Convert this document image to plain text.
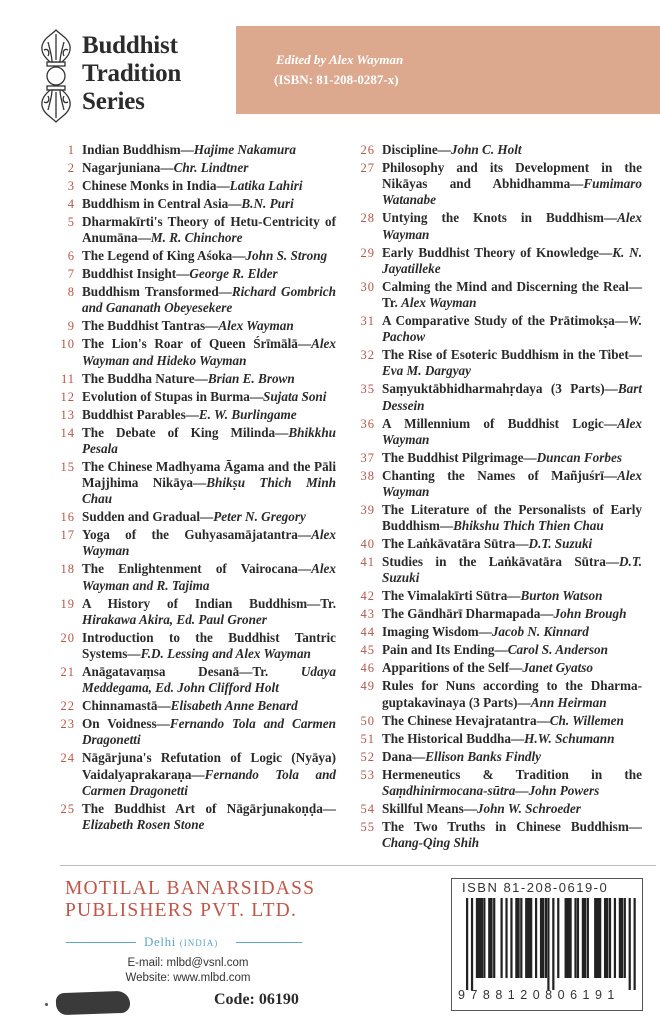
Buddhist
Tradition
Series
Edited by Alex Wayman
(ISBN: 81-208-0287-x)
1 Indian Buddhism—Hajime Nakamura
2 Nagarjuniana—Chr. Lindtner
3 Chinese Monks in India—Latika Lahiri
4 Buddhism in Central Asia—B.N. Puri
5 Dharmakīrti's Theory of Hetu-Centricity of Anumāna—M. R. Chinchore
6 The Legend of King Aśoka—John S. Strong
7 Buddhist Insight—George R. Elder
8 Buddhism Transformed—Richard Gombrich and Gananath Obeyesekere
9 The Buddhist Tantras—Alex Wayman
10 The Lion's Roar of Queen Śrīmālā—Alex Wayman and Hideko Wayman
11 The Buddha Nature—Brian E. Brown
12 Evolution of Stupas in Burma—Sujata Soni
13 Buddhist Parables—E. W. Burlingame
14 The Debate of King Milinda—Bhikkhu Pesala
15 The Chinese Madhyama Āgama and the Pāli Majjhima Nikāya—Bhikṣu Thich Minh Chau
16 Sudden and Gradual—Peter N. Gregory
17 Yoga of the Guhyasamājatantra—Alex Wayman
18 The Enlightenment of Vairocana—Alex Wayman and R. Tajima
19 A History of Indian Buddhism—Tr. Hirakawa Akira, Ed. Paul Groner
20 Introduction to the Buddhist Tantric Systems—F.D. Lessing and Alex Wayman
21 Anāgatavaṃsa Desanā—Tr. Udaya Meddegama, Ed. John Clifford Holt
22 Chinnamastā—Elisabeth Anne Benard
23 On Voidness—Fernando Tola and Carmen Dragonetti
24 Nāgārjuna's Refutation of Logic (Nyāya) Vaidalyaprakaraṇa—Fernando Tola and Carmen Dragonetti
25 The Buddhist Art of Nāgārjunakoṇḍa—Elizabeth Rosen Stone
26 Discipline—John C. Holt
27 Philosophy and its Development in the Nikāyas and Abhidhamma—Fumimaro Watanabe
28 Untying the Knots in Buddhism—Alex Wayman
29 Early Buddhist Theory of Knowledge—K. N. Jayatilleke
30 Calming the Mind and Discerning the Real—Tr. Alex Wayman
31 A Comparative Study of the Prātimokṣa—W. Pachow
32 The Rise of Esoteric Buddhism in the Tibet—Eva M. Dargyay
35 Saṃyuktābhidharmahṛdaya (3 Parts)—Bart Dessein
36 A Millennium of Buddhist Logic—Alex Wayman
37 The Buddhist Pilgrimage—Duncan Forbes
38 Chanting the Names of Mañjuśrī—Alex Wayman
39 The Literature of the Personalists of Early Buddhism—Bhikshu Thich Thien Chau
40 The Laṅkāvatāra Sūtra—D.T. Suzuki
41 Studies in the Laṅkāvatāra Sūtra—D.T. Suzuki
42 The Vimalakīrti Sūtra—Burton Watson
43 The Gāndhārī Dharmapada—John Brough
44 Imaging Wisdom—Jacob N. Kinnard
45 Pain and Its Ending—Carol S. Anderson
46 Apparitions of the Self—Janet Gyatso
49 Rules for Nuns according to the Dharma-guptakavinaya (3 Parts)—Ann Heirman
50 The Chinese Hevajratantra—Ch. Willemen
51 The Historical Buddha—H.W. Schumann
52 Dana—Ellison Banks Findly
53 Hermeneutics & Tradition in the Saṃdhinirmocana-sūtra—John Powers
54 Skillful Means—John W. Schroeder
55 The Two Truths in Chinese Buddhism—Chang-Qing Shih
MOTILAL BANARSIDASS
PUBLISHERS PVT. LTD.
Delhi (INDIA)
E-mail: mlbd@vsnl.com
Website: www.mlbd.com
Code: 06190
ISBN 81-208-0619-0
9788120806191
